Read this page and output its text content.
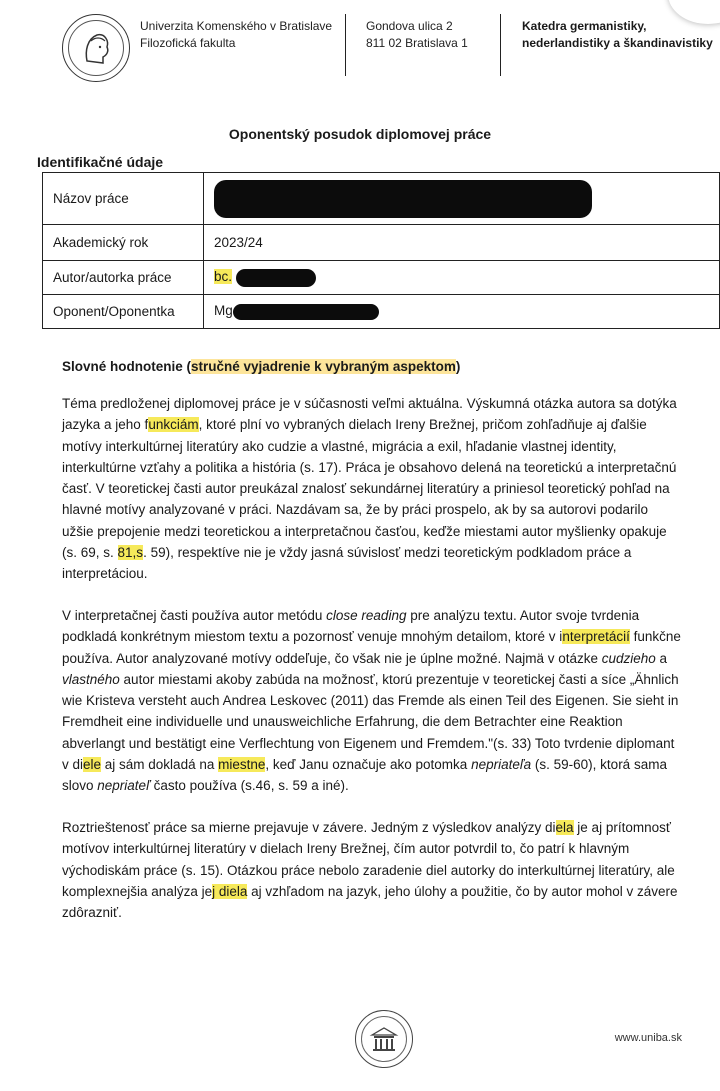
Univerzita Komenského v Bratislave
Filozofická fakulta
Gondova ulica 2
811 02 Bratislava 1
Katedra germanistiky,
nederlandistiky a škandinavistiky
Oponentský posudok diplomovej práce
Identifikačné údaje
Názov práce	
Akademický rok	2023/24
Autor/autorka práce	bc.
Oponent/Oponentka	Mg
Slovné hodnotenie (stručné vyjadrenie k vybraným aspektom)
Téma predloženej diplomovej práce je v súčasnosti veľmi aktuálna. Výskumná otázka autora sa dotýka jazyka a jeho funkciám, ktoré plní vo vybraných dielach Ireny Brežnej, pričom zohľadňuje aj ďalšie motívy interkultúrnej literatúry ako cudzie a vlastné, migrácia a exil, hľadanie vlastnej identity, interkultúrne vzťahy a politika a história (s. 17). Práca je obsahovo delená na teoretickú a interpretačnú časť. V teoretickej časti autor preukázal znalosť sekundárnej literatúry a priniesol teoretický pohľad na hlavné motívy analyzované v práci. Nazdávam sa, že by práci prospelo, ak by sa autorovi podarilo užšie prepojenie medzi teoretickou a interpretačnou časťou, keďže miestami autor myšlienky opakuje (s. 69, s. 81,s. 59), respektíve nie je vždy jasná súvislosť medzi teoretickým podkladom práce a interpretáciou.
V interpretačnej časti používa autor metódu close reading pre analýzu textu. Autor svoje tvrdenia podkladá konkrétnym miestom textu a pozornosť venuje mnohým detailom, ktoré v interpretácií funkčne používa. Autor analyzované motívy oddeľuje, čo však nie je úplne možné. Najmä v otázke cudzieho a vlastného autor miestami akoby zabúda na možnosť, ktorú prezentuje v teoretickej časti a síce „Ähnlich wie Kristeva versteht auch Andrea Leskovec (2011) das Fremde als einen Teil des Eigenen. Sie sieht in Fremdheit eine individuelle und unausweichliche Erfahrung, die dem Betrachter eine Reaktion abverlangt und bestätigt eine Verflechtung von Eigenem und Fremdem."(s. 33) Toto tvrdenie diplomant v diele aj sám dokladá na miestne, keď Janu označuje ako potomka nepriateľa (s. 59-60), ktorá sama slovo nepriateľ často používa (s.46, s. 59 a iné).
Roztrieštenosť práce sa mierne prejavuje v závere. Jedným z výsledkov analýzy diela je aj prítomnosť motívov interkultúrnej literatúry v dielach Ireny Brežnej, čím autor potvrdil to, čo patrí k hlavným východiskám práce (s. 15). Otázkou práce nebolo zaradenie diel autorky do interkultúrnej literatúry, ale komplexnejšia analýza jej diela aj vzhľadom na jazyk, jeho úlohy a použitie, čo by autor mohol v závere zdôrazniť.
www.uniba.sk
